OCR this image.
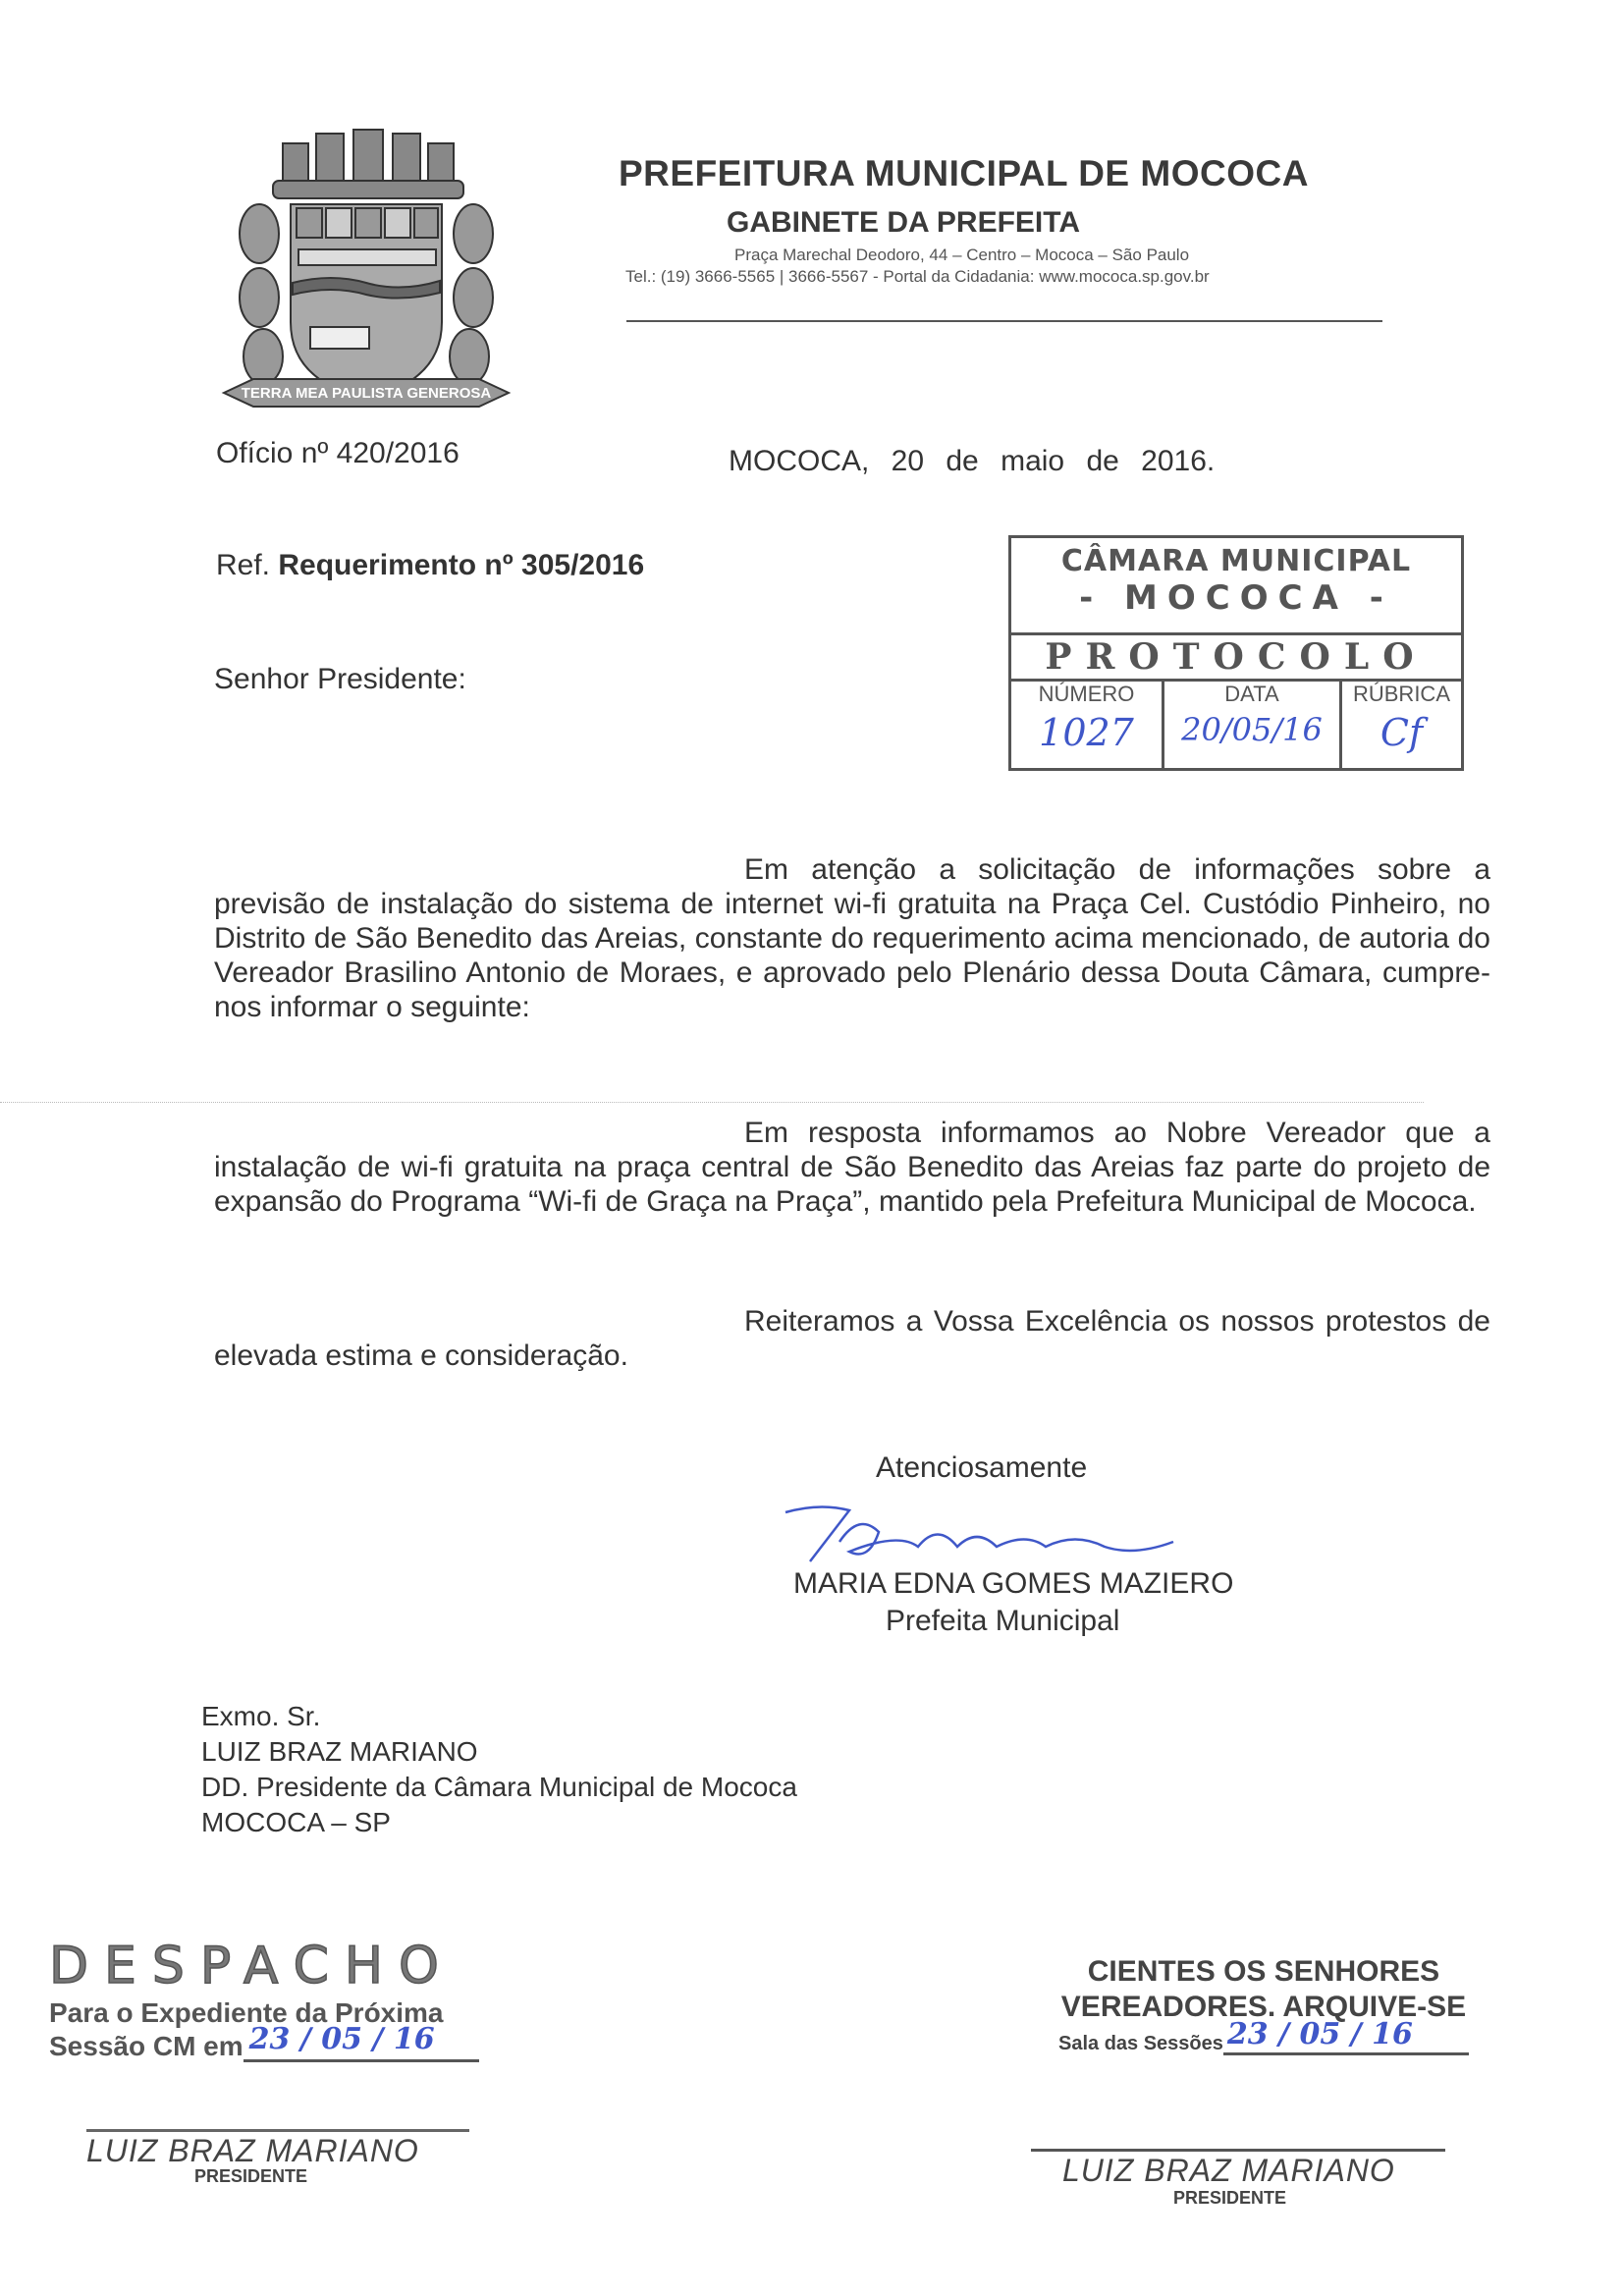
TERRA MEA PAULISTA GENEROSA
PREFEITURA MUNICIPAL DE MOCOCA
GABINETE DA PREFEITA
Praça Marechal Deodoro, 44 – Centro – Mococa – São Paulo
Tel.: (19) 3666-5565 | 3666-5567 - Portal da Cidadania: www.mococa.sp.gov.br
Ofício nº 420/2016	MOCOCA, 20 de maio de 2016.
Ref. Requerimento nº 305/2016
Senhor Presidente:
CÂMARA MUNICIPAL
- MOCOCA -
PROTOCOLO
NÚMERO
1027
DATA
20/05/16
RÚBRICA
Cf
Em atenção a solicitação de informações sobre a previsão de instalação do sistema de internet wi-fi gratuita na Praça Cel. Custódio Pinheiro, no Distrito de São Benedito das Areias, constante do requerimento acima mencionado, de autoria do Vereador Brasilino Antonio de Moraes, e aprovado pelo Plenário dessa Douta Câmara, cumpre-nos informar o seguinte:
Em resposta informamos ao Nobre Vereador que a instalação de wi-fi gratuita na praça central de São Benedito das Areias faz parte do projeto de expansão do Programa “Wi-fi de Graça na Praça”, mantido pela Prefeitura Municipal de Mococa.
Reiteramos a Vossa Excelência os nossos protestos de elevada estima e consideração.
Atenciosamente
MARIA EDNA GOMES MAZIERO
Prefeita Municipal
Exmo. Sr.
LUIZ BRAZ MARIANO
DD. Presidente da Câmara Municipal de Mococa
MOCOCA – SP
DESPACHO
Para o Expediente da Próxima
Sessão CM em 23 / 05 / 16
LUIZ BRAZ MARIANO
PRESIDENTE
CIENTES OS SENHORES
VEREADORES. ARQUIVE-SE
Sala das Sessões 23 / 05 / 16
LUIZ BRAZ MARIANO
PRESIDENTE
